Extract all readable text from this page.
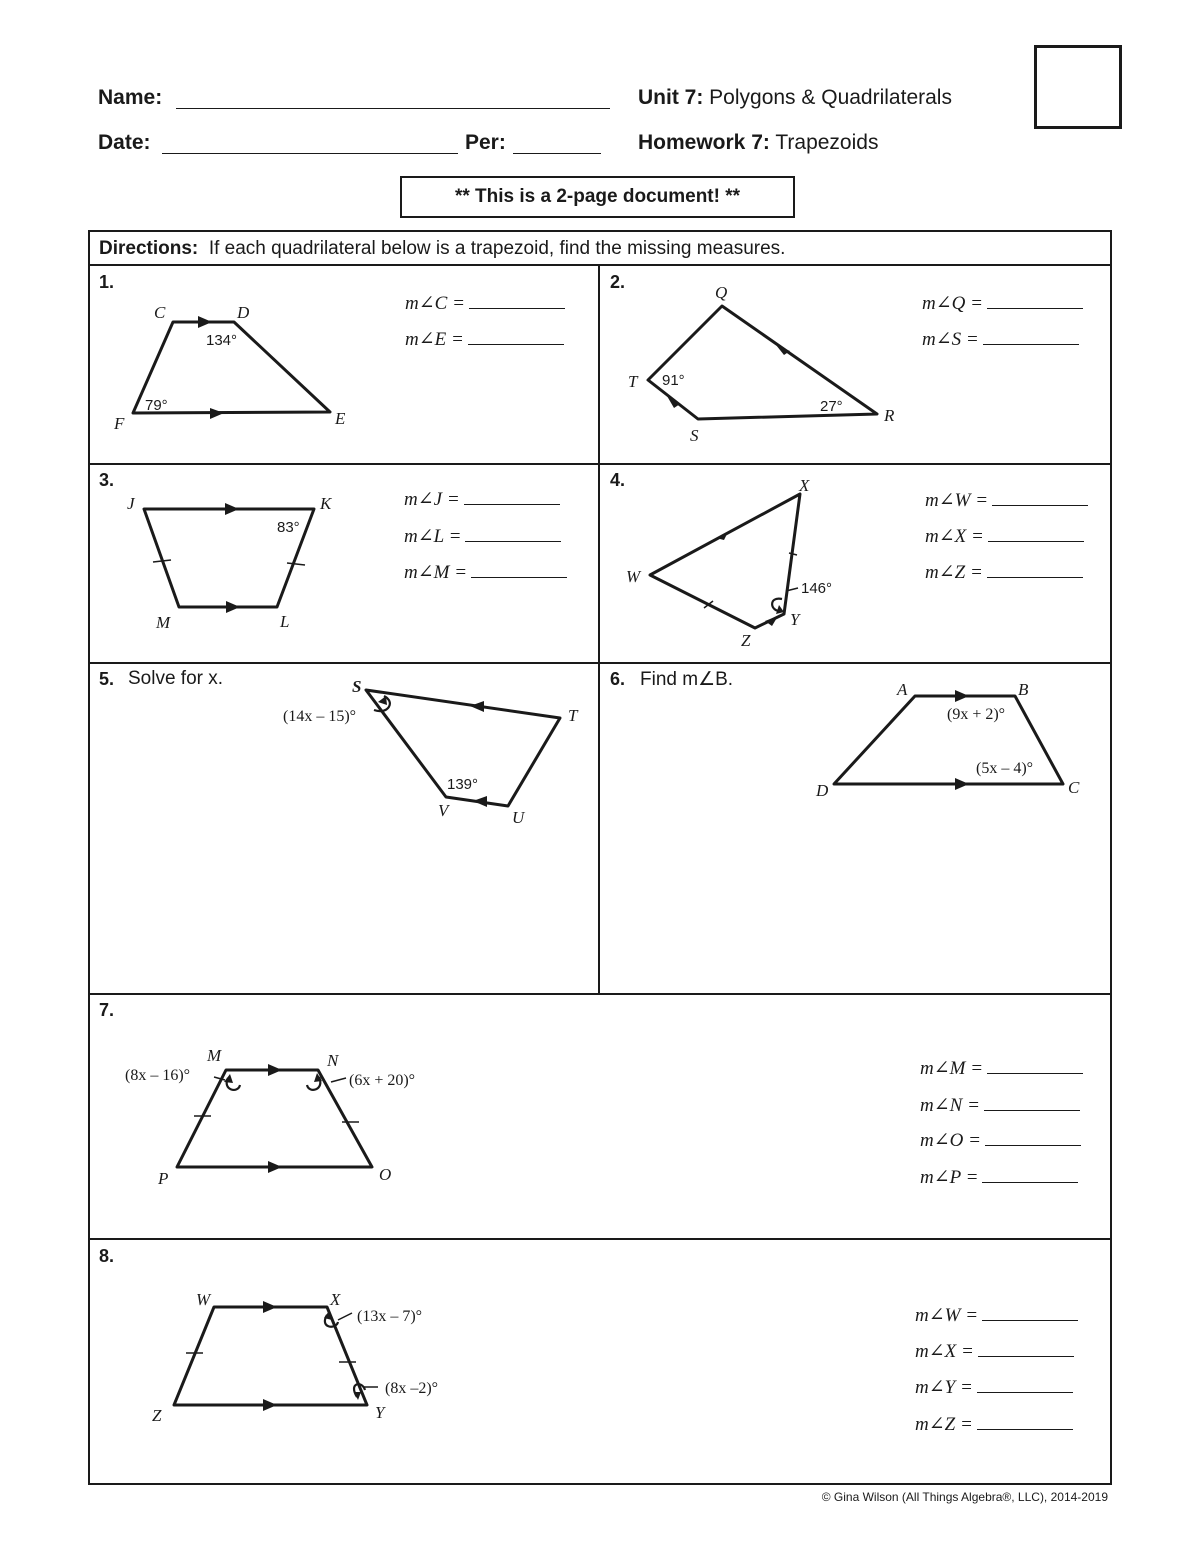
Name:
Date:	Per:
Unit 7: Polygons & Quadrilaterals
Homework 7: Trapezoids
** This is a 2-page document! **
Directions: If each quadrilateral below is a trapezoid, find the missing measures.
1.	2.
3.	4.
5. Solve for x.	6. Find m∠B.
7.
8.
m∠C =
m∠E =
m∠Q =
m∠S =
m∠J =
m∠L =
m∠M =
m∠W =
m∠X =
m∠Z =
m∠M =
m∠N =
m∠O =
m∠P =
m∠W =
m∠X =
m∠Y =
m∠Z =
C	D
E
F
134°
79°
Q
R
S
T 91°
27°
J	K
L
M
83°
W
X
Y
Z
146°
S
T
U
V
(14x – 15)°
139°
A	B
C
D
(9x + 2)°
(5x – 4)°
M	N
O
P
(8x – 16)°	(6x + 20)°
W	X
Y
Z
(13x – 7)°
(8x –2)°
© Gina Wilson (All Things Algebra®, LLC), 2014-2019
